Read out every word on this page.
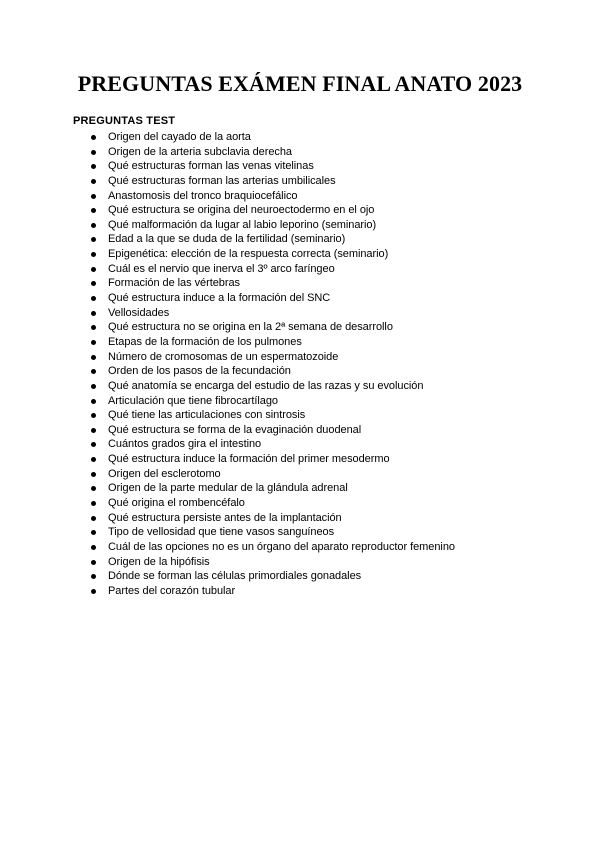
PREGUNTAS EXÁMEN FINAL ANATO 2023
PREGUNTAS TEST
Origen del cayado de la aorta
Origen de la arteria subclavia derecha
Qué estructuras forman las venas vitelinas
Qué estructuras forman las arterias umbilicales
Anastomosis del tronco braquiocefálico
Qué estructura se origina del neuroectodermo en el ojo
Qué malformación da lugar al labio leporino (seminario)
Edad a la que se duda de la fertilidad (seminario)
Epigenética: elección de la respuesta correcta (seminario)
Cuál es el nervio que inerva el 3º arco faríngeo
Formación de las vértebras
Qué estructura induce a la formación del SNC
Vellosidades
Qué estructura no se origina en la 2ª semana de desarrollo
Etapas de la formación de los pulmones
Número de cromosomas de un espermatozoide
Orden de los pasos de la fecundación
Qué anatomía se encarga del estudio de las razas y su evolución
Articulación que tiene fibrocartílago
Qué tiene las articulaciones con sintrosis
Qué estructura se forma de la evaginación duodenal
Cuántos grados gira el intestino
Qué estructura induce la formación del primer mesodermo
Origen del esclerotomo
Origen de la parte medular de la glándula adrenal
Qué origina el rombencéfalo
Qué estructura persiste antes de la implantación
Tipo de vellosidad que tiene vasos sanguíneos
Cuál de las opciones no es un órgano del aparato reproductor femenino
Origen de la hipófisis
Dónde se forman las células primordiales gonadales
Partes del corazón tubular
